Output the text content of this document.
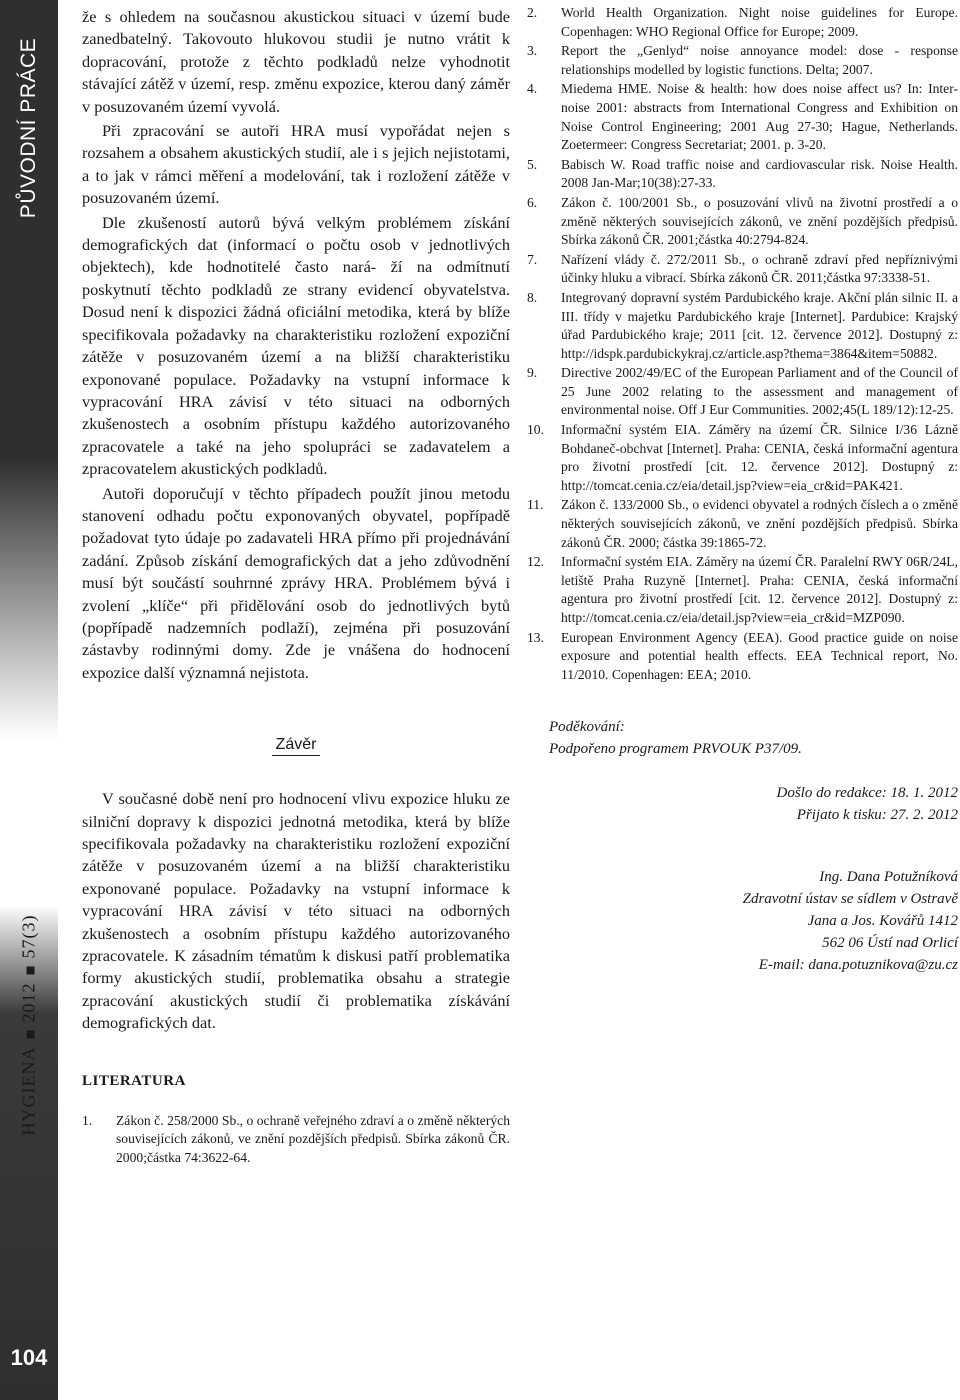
PŮVODNÍ PRÁCE
HYGIENA201257(3)
104

že s ohledem na současnou akustickou situaci v území bude zanedbatelný. Takovouto hlukovou studii je nutno vrátit k dopracování, protože z těchto podkladů nelze vyhodnotit stávající zátěž v území, resp. změnu expozice, kterou daný záměr v posuzovaném území vyvolá.

Při zpracování se autoři HRA musí vypořádat nejen s rozsahem a obsahem akustických studií, ale i s jejich nejistotami, a to jak v rámci měření a modelování, tak i rozložení zátěže v posuzovaném území.

Dle zkušeností autorů bývá velkým problémem získání demografických dat (informací o počtu osob v jednotlivých objektech), kde hodnotitelé často nará- ží na odmítnutí poskytnutí těchto podkladů ze strany evidencí obyvatelstva. Dosud není k dispozici žádná oficiální metodika, která by blíže specifikovala požadavky na charakteristiku rozložení expoziční zátěže v posuzovaném území a na bližší charakteristiku exponované populace. Požadavky na vstupní informace k vypracování HRA závisí v této situaci na odborných zkušenostech a osobním přístupu každého autorizovaného zpracovatele a také na jeho spolupráci se zadavatelem a zpracovatelem akustických podkladů.

Autoři doporučují v těchto případech použít jinou metodu stanovení odhadu počtu exponovaných obyvatel, popřípadě požadovat tyto údaje po zadavateli HRA přímo při projednávání zadání. Způsob získání demografických dat a jeho zdůvodnění musí být součástí souhrnné zprávy HRA. Problémem bývá i zvolení „klíče“ při přidělování osob do jednotlivých bytů (popřípadě nadzemních podlaží), zejména při posuzování zástavby rodinnými domy. Zde je vnášena do hodnocení expozice další významná nejistota.

Závěr

V současné době není pro hodnocení vlivu expozice hluku ze silniční dopravy k dispozici jednotná metodika, která by blíže specifikovala požadavky na charakteristiku rozložení expoziční zátěže v posuzovaném území a na bližší charakteristiku exponované populace. Požadavky na vstupní informace k vypracování HRA závisí v této situaci na odborných zkušenostech a osobním přístupu každého autorizovaného zpracovatele. K zásadním tématům k diskusi patří problematika formy akustických studií, problematika obsahu a strategie zpracování akustických studií či problematika získávání demografických dat.

LITERATURA
1.	Zákon č. 258/2000 Sb., o ochraně veřejného zdraví a o změně některých souvisejících zákonů, ve znění pozdějších předpisů. Sbírka zákonů ČR. 2000;částka 74:3622-64.
2.	World Health Organization. Night noise guidelines for Europe. Copenhagen: WHO Regional Office for Europe; 2009.
3.	Report the „Genlyd“ noise annoyance model: dose - response relationships modelled by logistic functions. Delta; 2007.
4.	Miedema HME. Noise & health: how does noise affect us? In: Inter-noise 2001: abstracts from International Congress and Exhibition on Noise Control Engineering; 2001 Aug 27-30; Hague, Netherlands. Zoetermeer: Congress Secretariat; 2001. p. 3-20.
5.	Babisch W. Road traffic noise and cardiovascular risk. Noise Health. 2008 Jan-Mar;10(38):27-33.
6.	Zákon č. 100/2001 Sb., o posuzování vlivů na životní prostředí a o změně některých souvisejících zákonů, ve znění pozdějších předpisů. Sbírka zákonů ČR. 2001;částka 40:2794-824.
7.	Nařízení vlády č. 272/2011 Sb., o ochraně zdraví před nepříznivými účinky hluku a vibrací. Sbírka zákonů ČR. 2011;částka 97:3338-51.
8.	Integrovaný dopravní systém Pardubického kraje. Akční plán silnic II. a III. třídy v majetku Pardubického kraje [Internet]. Pardubice: Krajský úřad Pardubického kraje; 2011 [cit. 12. července 2012]. Dostupný z: http://idspk.pardubickykraj.cz/article.asp?thema=3864&item=50882.
9.	Directive 2002/49/EC of the European Parliament and of the Council of 25 June 2002 relating to the assessment and management of environmental noise. Off J Eur Communities. 2002;45(L 189/12):12-25.
10.	Informační systém EIA. Záměry na území ČR. Silnice I/36 Lázně Bohdaneč-obchvat [Internet]. Praha: CENIA, česká informační agentura pro životní prostředí [cit. 12. července 2012]. Dostupný z: http://tomcat.cenia.cz/eia/detail.jsp?view=eia_cr&id=PAK421.
11.	Zákon č. 133/2000 Sb., o evidenci obyvatel a rodných číslech a o změně některých souvisejících zákonů, ve znění pozdějších předpisů. Sbírka zákonů ČR. 2000; částka 39:1865-72.
12.	Informační systém EIA. Záměry na území ČR. Paralelní RWY 06R/24L, letiště Praha Ruzyně [Internet]. Praha: CENIA, česká informační agentura pro životní prostředí [cit. 12. července 2012]. Dostupný z: http://tomcat.cenia.cz/eia/detail.jsp?view=eia_cr&id=MZP090.
13.	European Environment Agency (EEA). Good practice guide on noise exposure and potential health effects. EEA Technical report, No. 11/2010. Copenhagen: EEA; 2010.
Poděkování:
Podpořeno programem PRVOUK P37/09.
Došlo do redakce: 18. 1. 2012
Přijato k tisku: 27. 2. 2012
Ing. Dana Potužníková
Zdravotní ústav se sídlem v Ostravě
Jana a Jos. Kovářů 1412
562 06 Ústí nad Orlicí
E-mail: dana.potuznikova@zu.cz
